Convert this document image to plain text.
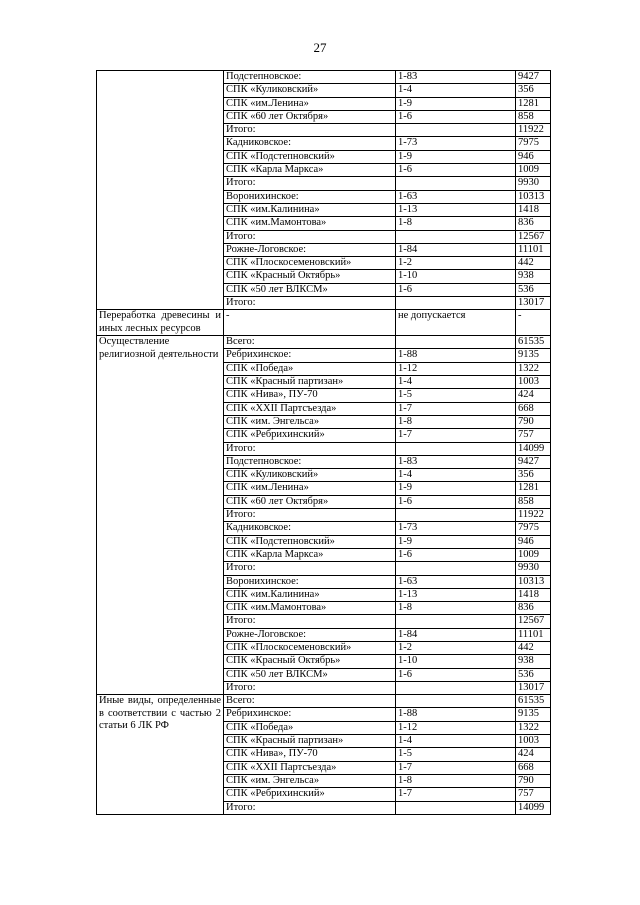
27
	Подстепновское:	1-83	9427
	СПК «Куликовский»	1-4	356
	СПК «им.Ленина»	1-9	1281
	СПК «60 лет Октября»	1-6	858
	Итого:		11922
	Кадниковское:	1-73	7975
	СПК «Подстепновский»	1-9	946
	СПК «Карла Маркса»	1-6	1009
	Итого:		9930
	Воронихинское:	1-63	10313
	СПК «им.Калинина»	1-13	1418
	СПК «им.Мамонтова»	1-8	836
	Итого:		12567
	Рожне-Логовское:	1-84	11101
	СПК «Плоскосеменовский»	1-2	442
	СПК «Красный Октябрь»	1-10	938
	СПК «50 лет ВЛКСМ»	1-6	536
	Итого:		13017
Переработка древесины и иных лесных ресурсов	-	не допускается	-
Осуществление религиозной деятельности	Всего:		61535
	Ребрихинское:	1-88	9135
	СПК «Победа»	1-12	1322
	СПК «Красный партизан»	1-4	1003
	СПК «Нива», ПУ-70	1-5	424
	СПК «XXII Партсъезда»	1-7	668
	СПК «им. Энгельса»	1-8	790
	СПК «Ребрихинский»	1-7	757
	Итого:		14099
	Подстепновское:	1-83	9427
	СПК «Куликовский»	1-4	356
	СПК «им.Ленина»	1-9	1281
	СПК «60 лет Октября»	1-6	858
	Итого:		11922
	Кадниковское:	1-73	7975
	СПК «Подстепновский»	1-9	946
	СПК «Карла Маркса»	1-6	1009
	Итого:		9930
	Воронихинское:	1-63	10313
	СПК «им.Калинина»	1-13	1418
	СПК «им.Мамонтова»	1-8	836
	Итого:		12567
	Рожне-Логовское:	1-84	11101
	СПК «Плоскосеменовский»	1-2	442
	СПК «Красный Октябрь»	1-10	938
	СПК «50 лет ВЛКСМ»	1-6	536
	Итого:		13017
Иные виды, определенные в соответствии с частью 2 статьи 6 ЛК РФ	Всего:		61535
	Ребрихинское:	1-88	9135
	СПК «Победа»	1-12	1322
	СПК «Красный партизан»	1-4	1003
	СПК «Нива», ПУ-70	1-5	424
	СПК «XXII Партсъезда»	1-7	668
	СПК «им. Энгельса»	1-8	790
	СПК «Ребрихинский»	1-7	757
	Итого:		14099
